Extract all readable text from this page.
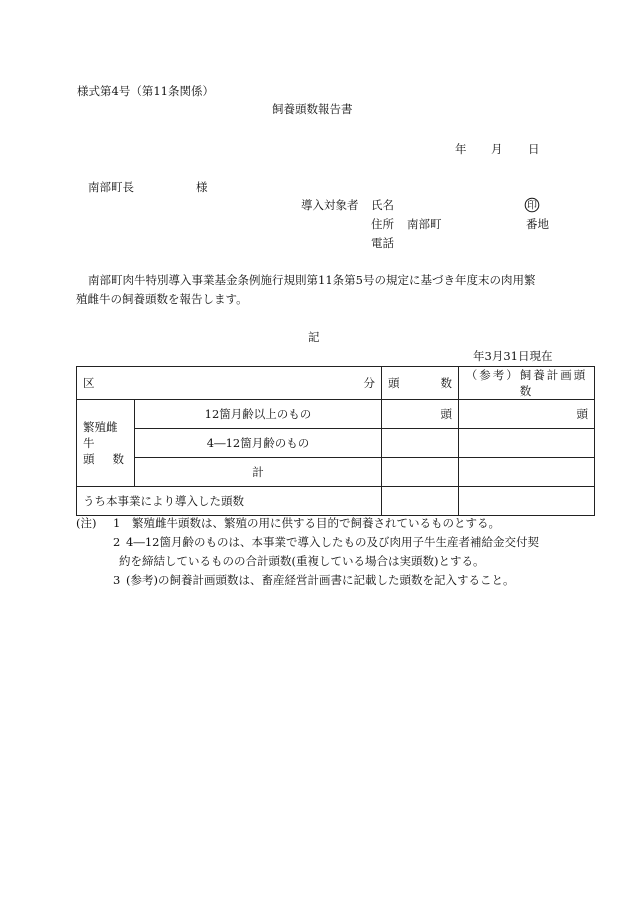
様式第4号（第11条関係）
飼養頭数報告書
年 月 日
南部町長	様
導入対象者 氏名	印
住所 南部町	番地
電話
南部町肉牛特別導入事業基金条例施行規則第11条第5号の規定に基づき年度末の肉用繁
殖雌牛の飼養頭数を報告します。
記
年3月31日現在
区 分		頭 数	（参考）飼養計画頭数

繁殖雌牛
頭 数	12箇月齢以上のもの	頭	頭
	4―12箇月齢のもの		
	計		
うち本事業により導入した頭数			
(注) 1 繁殖雌牛頭数は、繁殖の用に供する目的で飼養されているものとする。
2 4―12箇月齢のものは、本事業で導入したもの及び肉用子牛生産者補給金交付契
約を締結しているものの合計頭数(重複している場合は実頭数)とする。
3 (参考)の飼養計画頭数は、畜産経営計画書に記載した頭数を記入すること。
